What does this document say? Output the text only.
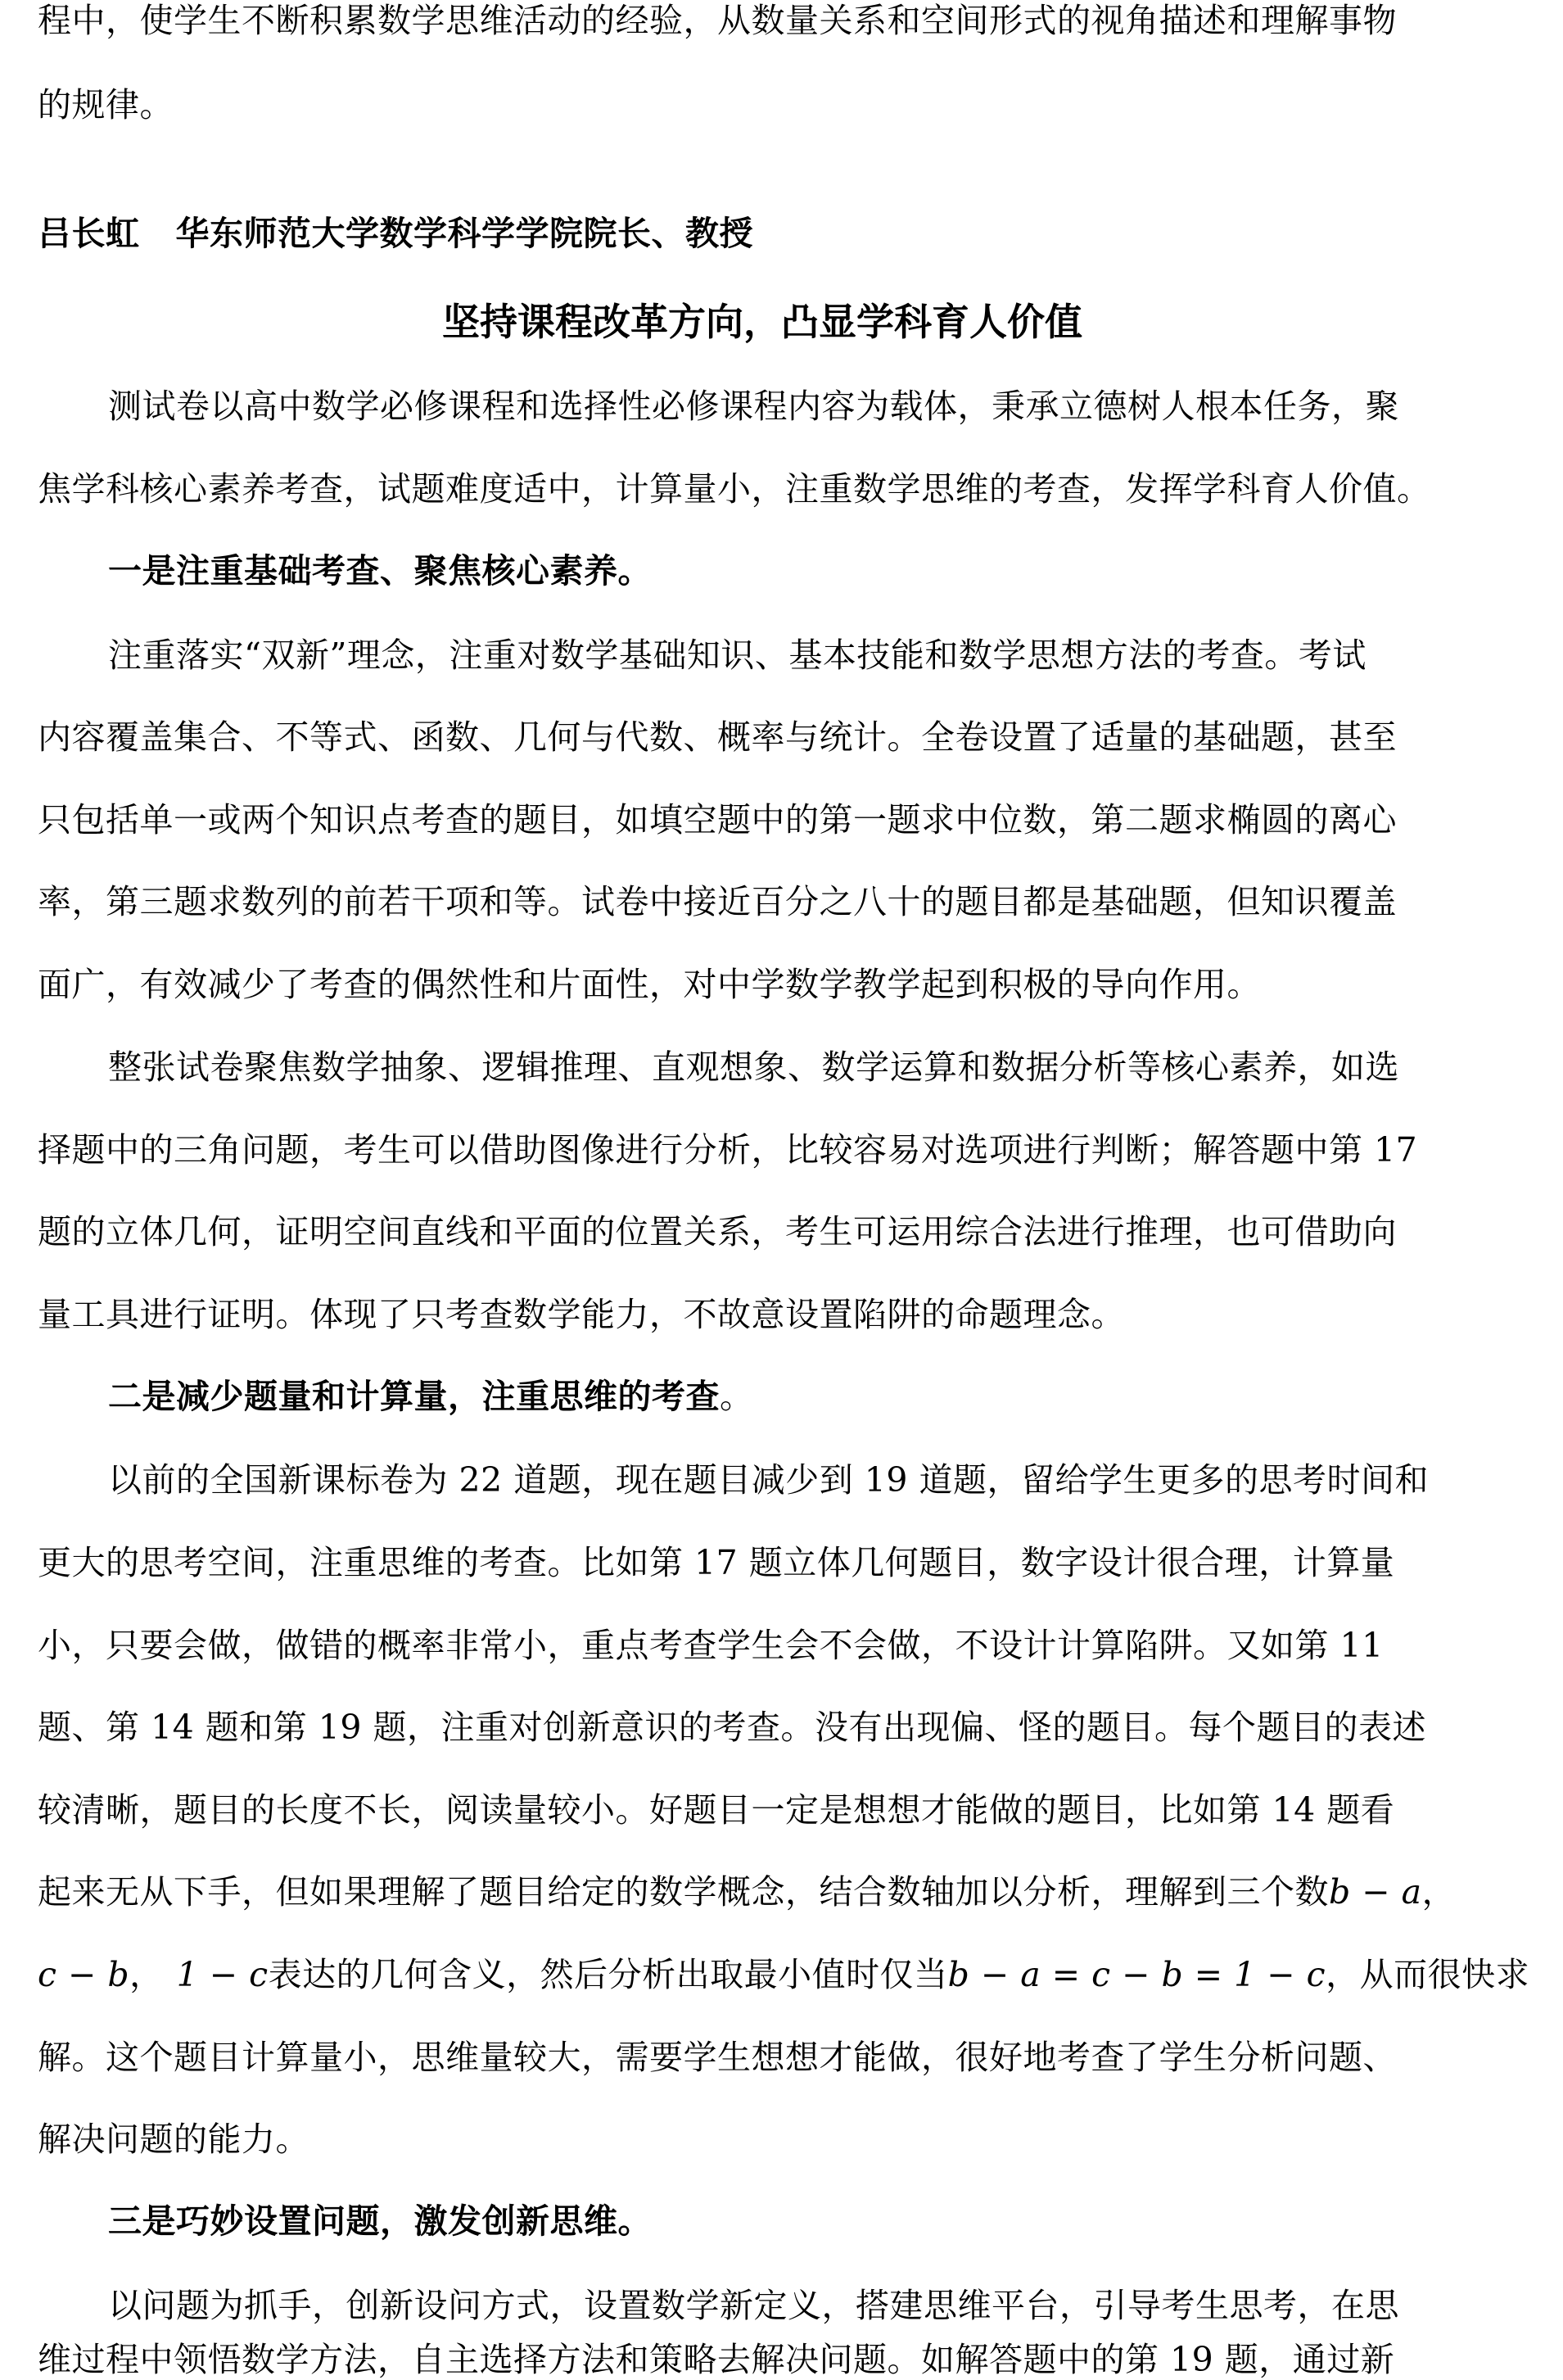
程中，使学生不断积累数学思维活动的经验，从数量关系和空间形式的视角描述和理解事物
的规律。
吕长虹 华东师范大学数学科学学院院长、教授
坚持课程改革方向，凸显学科育人价值
测试卷以高中数学必修课程和选择性必修课程内容为载体，秉承立德树人根本任务，聚
焦学科核心素养考查，试题难度适中，计算量小，注重数学思维的考查，发挥学科育人价值。
一是注重基础考查、聚焦核心素养。
注重落实“双新”理念，注重对数学基础知识、基本技能和数学思想方法的考查。考试
内容覆盖集合、不等式、函数、几何与代数、概率与统计。全卷设置了适量的基础题，甚至
只包括单一或两个知识点考查的题目，如填空题中的第一题求中位数，第二题求椭圆的离心
率，第三题求数列的前若干项和等。试卷中接近百分之八十的题目都是基础题，但知识覆盖
面广，有效减少了考查的偶然性和片面性，对中学数学教学起到积极的导向作用。
整张试卷聚焦数学抽象、逻辑推理、直观想象、数学运算和数据分析等核心素养，如选
择题中的三角问题，考生可以借助图像进行分析，比较容易对选项进行判断；解答题中第 17
题的立体几何，证明空间直线和平面的位置关系，考生可运用综合法进行推理，也可借助向
量工具进行证明。体现了只考查数学能力，不故意设置陷阱的命题理念。
二是减少题量和计算量，注重思维的考查。
以前的全国新课标卷为 22 道题，现在题目减少到 19 道题，留给学生更多的思考时间和
更大的思考空间，注重思维的考查。比如第 17 题立体几何题目，数字设计很合理，计算量
小，只要会做，做错的概率非常小，重点考查学生会不会做，不设计计算陷阱。又如第 11
题、第 14 题和第 19 题，注重对创新意识的考查。没有出现偏、怪的题目。每个题目的表述
较清晰，题目的长度不长，阅读量较小。好题目一定是想想才能做的题目，比如第 14 题看
起来无从下手，但如果理解了题目给定的数学概念，结合数轴加以分析，理解到三个数b − a，
c − b， 1 − c表达的几何含义，然后分析出取最小值时仅当b − a = c − b = 1 − c，从而很快求
解。这个题目计算量小，思维量较大，需要学生想想才能做，很好地考查了学生分析问题、
解决问题的能力。
三是巧妙设置问题，激发创新思维。
以问题为抓手，创新设问方式，设置数学新定义，搭建思维平台，引导考生思考，在思
维过程中领悟数学方法，自主选择方法和策略去解决问题。如解答题中的第 19 题，通过新
